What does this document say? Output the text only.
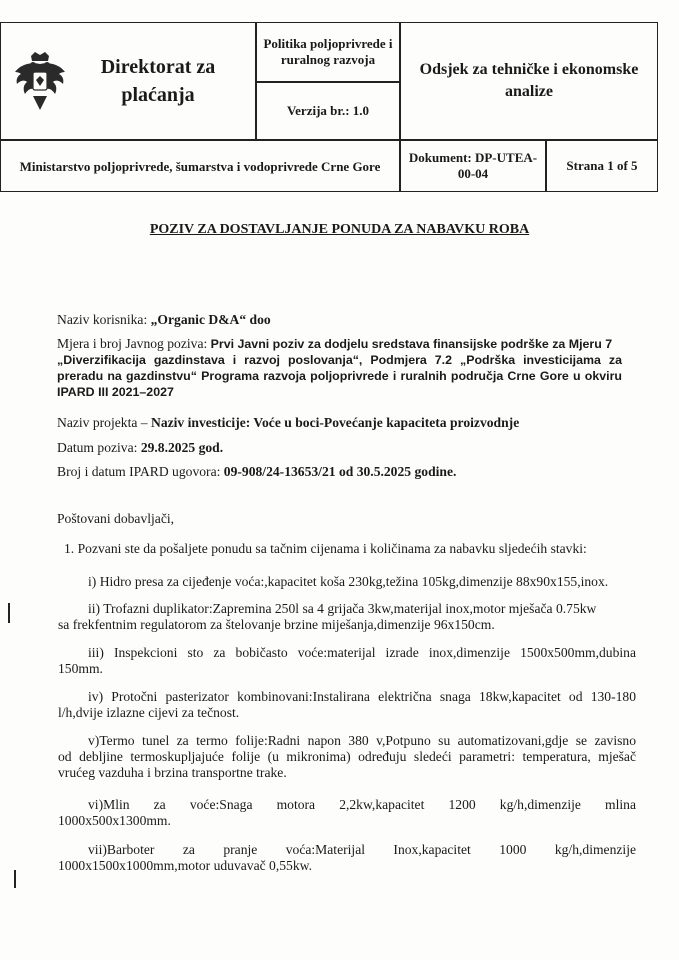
Direktorat za plaćanja
Politika poljoprivrede i ruralnog razvoja
Verzija br.: 1.0
Odsjek za tehničke i ekonomske analize
Ministarstvo poljoprivrede, šumarstva i vodoprivrede Crne Gore
Dokument: DP-UTEA-00-04
Strana 1 of 5
POZIV ZA DOSTAVLJANJE PONUDA ZA NABAVKU ROBA
Naziv korisnika: „Organic D&A“ doo
Mjera i broj Javnog poziva: Prvi Javni poziv za dodjelu sredstava finansijske podrške za Mjeru 7
„Diverzifikacija gazdinstava i razvoj poslovanja“, Podmjera 7.2 „Podrška investicijama za
preradu na gazdinstvu“ Programa razvoja poljoprivrede i ruralnih područja Crne Gore u okviru
IPARD III 2021–2027
Naziv projekta – Naziv investicije: Voće u boci-Povećanje kapaciteta proizvodnje
Datum poziva: 29.8.2025 god.
Broj i datum IPARD ugovora: 09-908/24-13653/21 od 30.5.2025 godine.
Poštovani dobavljači,
1. Pozvani ste da pošaljete ponudu sa tačnim cijenama i količinama za nabavku sljedećih stavki:
i) Hidro presa za cijeđenje voća:,kapacitet koša 230kg,težina 105kg,dimenzije 88x90x155,inox.
ii) Trofazni duplikator:Zapremina 250l sa 4 grijača 3kw,materijal inox,motor mješača 0.75kw
sa frekfentnim regulatorom za štelovanje brzine miješanja,dimenzije 96x150cm.
iii) Inspekcioni sto za bobičasto voće:materijal izrade inox,dimenzije 1500x500mm,dubina
150mm.
iv) Protočni pasterizator kombinovani:Instalirana električna snaga 18kw,kapacitet od 130-180
l/h,dvije izlazne cijevi za tečnost.
v)Termo tunel za termo folije:Radni napon 380 v,Potpuno su automatizovani,gdje se zavisno
od debljine termoskupljajuće folije (u mikronima) određuju sledeći parametri: temperatura, mješač
vrućeg vazduha i brzina transportne trake.
vi)Mlin za voće:Snaga motora 2,2kw,kapacitet 1200 kg/h,dimenzije mlina
1000x500x1300mm.
vii)Barboter za pranje voća:Materijal Inox,kapacitet 1000 kg/h,dimenzije
1000x1500x1000mm,motor uduvavač 0,55kw.
